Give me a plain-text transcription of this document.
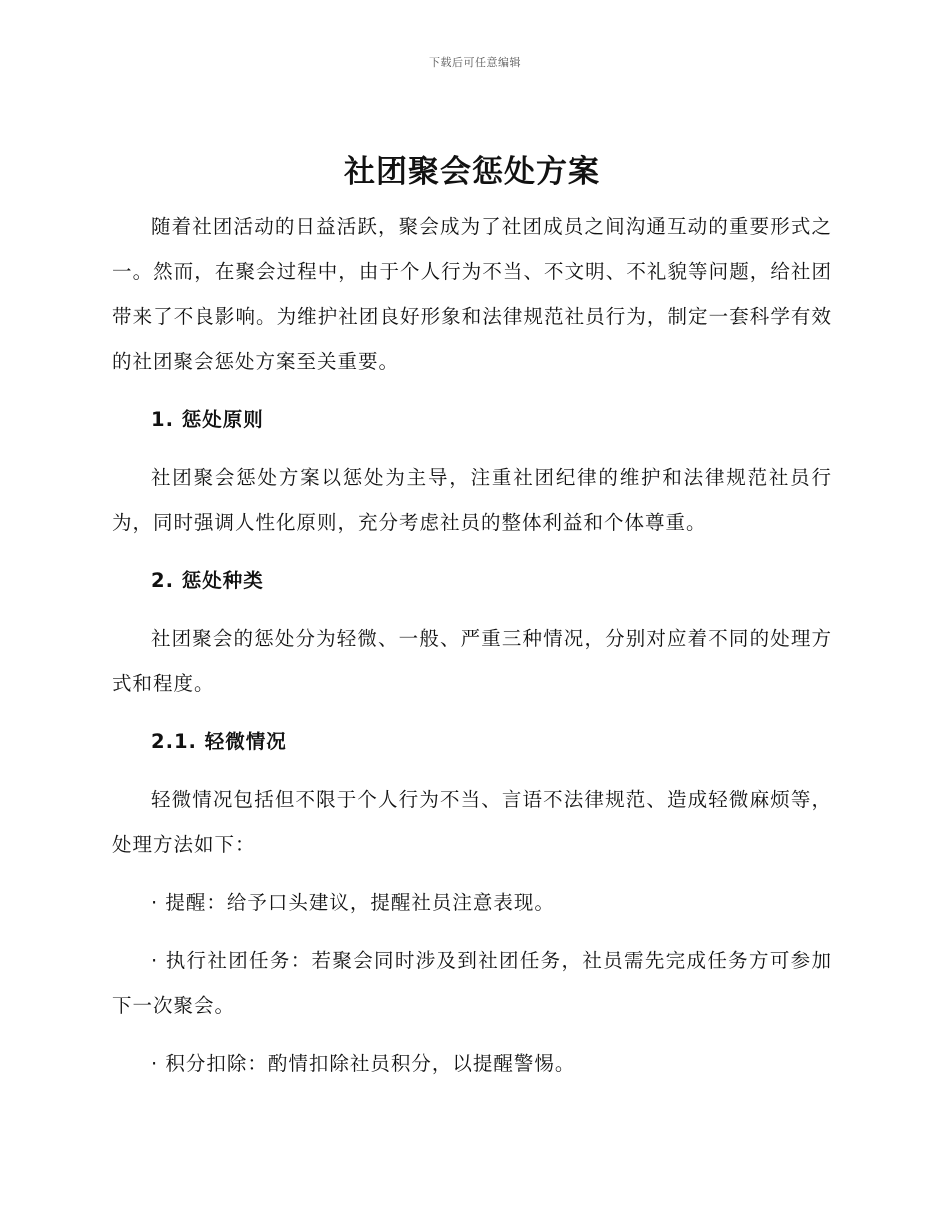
下载后可任意编辑
社团聚会惩处方案

随着社团活动的日益活跃，聚会成为了社团成员之间沟通互动的重要形式之一。然而，在聚会过程中，由于个人行为不当、不文明、不礼貌等问题，给社团带来了不良影响。为维护社团良好形象和法律规范社员行为，制定一套科学有效的社团聚会惩处方案至关重要。

1. 惩处原则

社团聚会惩处方案以惩处为主导，注重社团纪律的维护和法律规范社员行为，同时强调人性化原则，充分考虑社员的整体利益和个体尊重。

2. 惩处种类

社团聚会的惩处分为轻微、一般、严重三种情况，分别对应着不同的处理方式和程度。

2.1. 轻微情况

轻微情况包括但不限于个人行为不当、言语不法律规范、造成轻微麻烦等，处理方法如下：

· 提醒：给予口头建议，提醒社员注意表现。

· 执行社团任务：若聚会同时涉及到社团任务，社员需先完成任务方可参加下一次聚会。

· 积分扣除：酌情扣除社员积分，以提醒警惕。
